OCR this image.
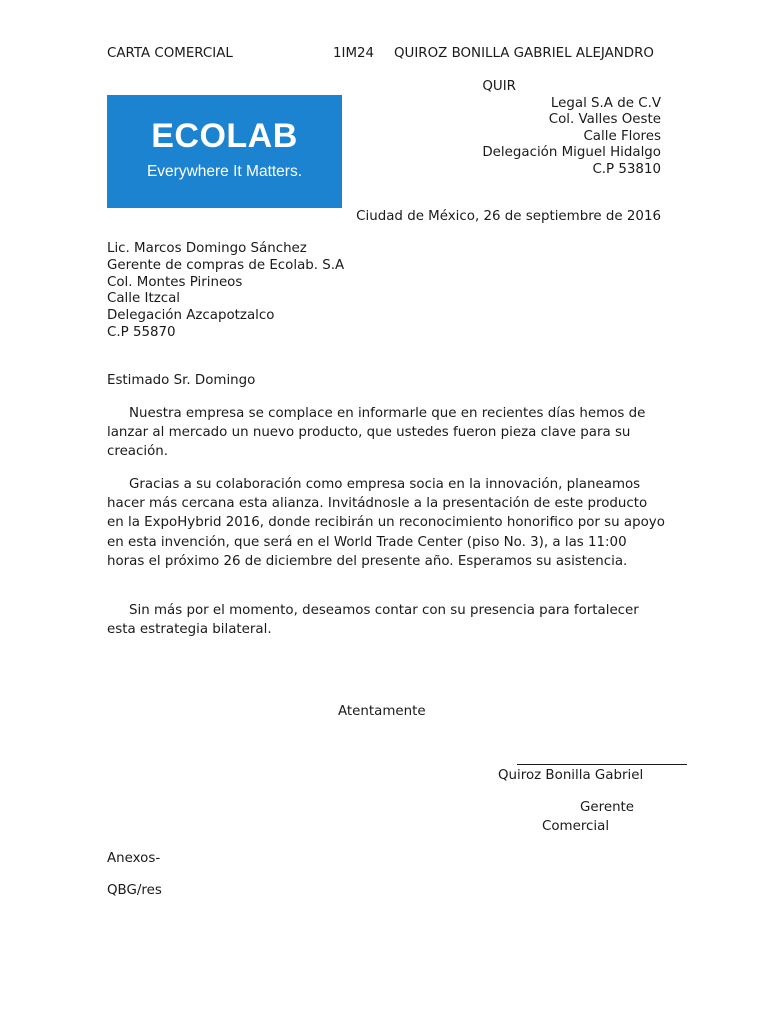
CARTA COMERCIAL	1IM24 QUIROZ BONILLA GABRIEL ALEJANDRO
QUIR
Legal S.A de C.V
Col. Valles Oeste
Calle Flores
Delegación Miguel Hidalgo
C.P 53810
ECOLAB
Everywhere It Matters.
Ciudad de México, 26 de septiembre de 2016
Lic. Marcos Domingo Sánchez
Gerente de compras de Ecolab. S.A
Col. Montes Pirineos
Calle Itzcal
Delegación Azcapotzalco
C.P 55870
Estimado Sr. Domingo
Nuestra empresa se complace en informarle que en recientes días hemos de lanzar al mercado un nuevo producto, que ustedes fueron pieza clave para su creación.
Gracias a su colaboración como empresa socia en la innovación, planeamos hacer más cercana esta alianza. Invitádnosle a la presentación de este producto en la ExpoHybrid 2016, donde recibirán un reconocimiento honorifico por su apoyo en esta invención, que será en el World Trade Center (piso No. 3), a las 11:00 horas el próximo 26 de diciembre del presente año. Esperamos su asistencia.
Sin más por el momento, deseamos contar con su presencia para fortalecer esta estrategia bilateral.
Atentamente
Quiroz Bonilla Gabriel
Gerente
Comercial
Anexos-
QBG/res
